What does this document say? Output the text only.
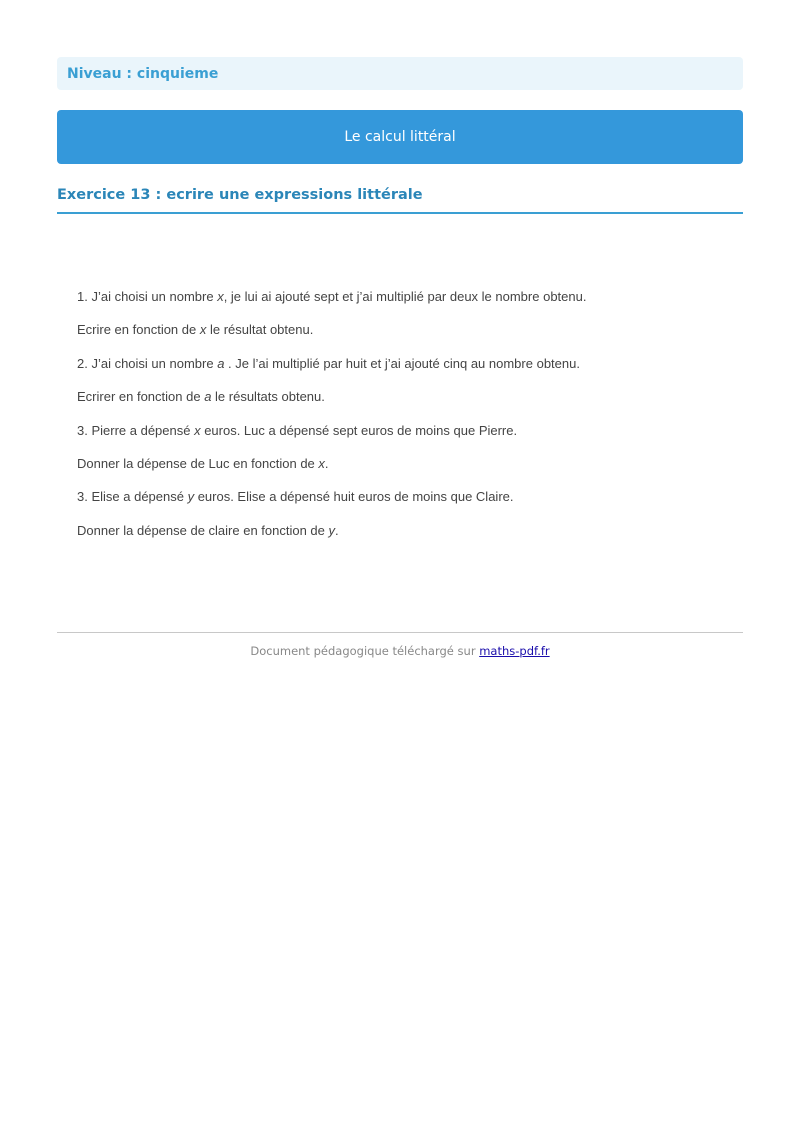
Niveau : cinquieme
Le calcul littéral
Exercice 13 : ecrire une expressions littérale
1. J’ai choisi un nombre x, je lui ai ajouté sept et j’ai multiplié par deux le nombre obtenu.
Ecrire en fonction de x le résultat obtenu.
2. J’ai choisi un nombre a . Je l’ai multiplié par huit et j’ai ajouté cinq au nombre obtenu.
Ecrirer en fonction de a le résultats obtenu.
3. Pierre a dépensé x euros. Luc a dépensé sept euros de moins que Pierre.
Donner la dépense de Luc en fonction de x.
3. Elise a dépensé y euros. Elise a dépensé huit euros de moins que Claire.
Donner la dépense de claire en fonction de y.
Document pédagogique téléchargé sur maths-pdf.fr
